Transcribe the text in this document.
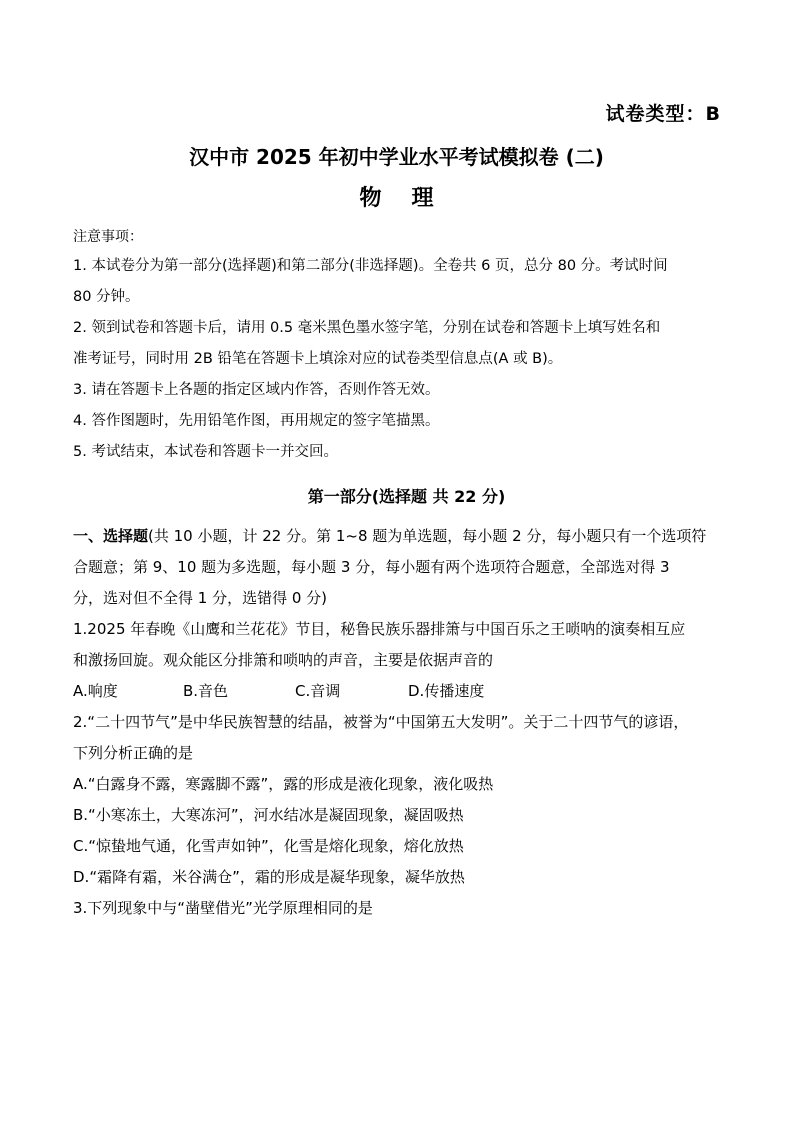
试卷类型：B
汉中市 2025 年初中学业水平考试模拟卷 (二)
物理
注意事项：
1. 本试卷分为第一部分(选择题)和第二部分(非选择题)。全卷共 6 页，总分 80 分。考试时间
80 分钟。
2. 领到试卷和答题卡后，请用 0.5 毫米黑色墨水签字笔，分别在试卷和答题卡上填写姓名和
准考证号，同时用 2B 铅笔在答题卡上填涂对应的试卷类型信息点(A 或 B)。
3. 请在答题卡上各题的指定区域内作答，否则作答无效。
4. 答作图题时，先用铅笔作图，再用规定的签字笔描黑。
5. 考试结束，本试卷和答题卡一并交回。
第一部分(选择题 共 22 分)
一、选择题(共 10 小题，计 22 分。第 1~8 题为单选题，每小题 2 分，每小题只有一个选项符
合题意；第 9、10 题为多选题，每小题 3 分，每小题有两个选项符合题意，全部选对得 3
分，选对但不全得 1 分，选错得 0 分)
1.2025 年春晚《山鹰和兰花花》节目，秘鲁民族乐器排箫与中国百乐之王唢呐的演奏相互应
和激扬回旋。观众能区分排箫和唢呐的声音，主要是依据声音的
A.响度	B.音色	C.音调	D.传播速度
2.“二十四节气”是中华民族智慧的结晶，被誉为“中国第五大发明”。关于二十四节气的谚语，
下列分析正确的是
A.“白露身不露，寒露脚不露”，露的形成是液化现象，液化吸热
B.“小寒冻土，大寒冻河”，河水结冰是凝固现象，凝固吸热
C.“惊蛰地气通，化雪声如钟”，化雪是熔化现象，熔化放热
D.“霜降有霜，米谷满仓”，霜的形成是凝华现象，凝华放热
3.下列现象中与“凿壁借光”光学原理相同的是
